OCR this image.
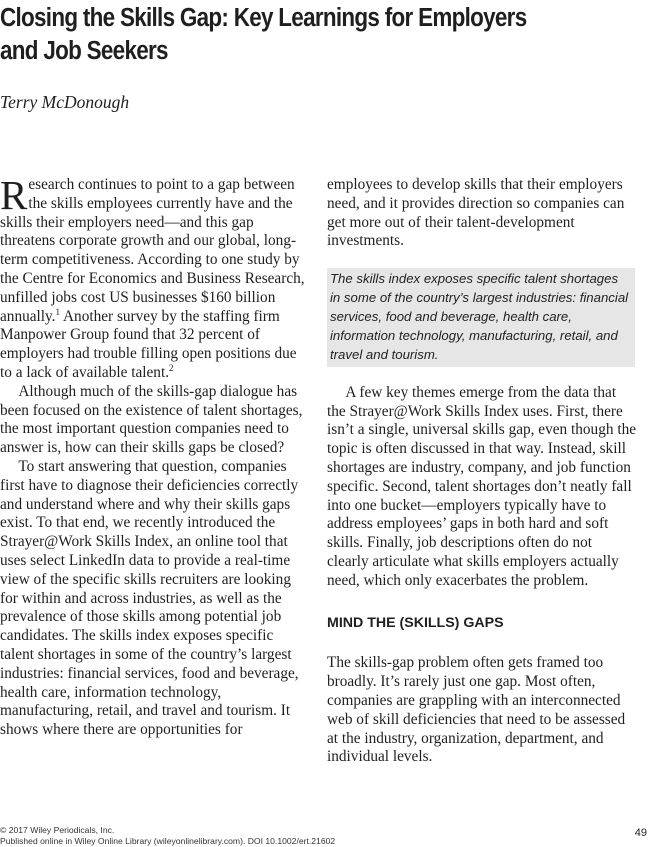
Closing the Skills Gap: Key Learnings for Employers
and Job Seekers
Terry McDonough

Research continues to point to a gap between the skills employees currently have and the skills their employers need—and this gap threatens corporate growth and our global, long-term competitiveness. According to one study by the Centre for Economics and Business Research, unfilled jobs cost US businesses $160 billion annually.$^1$ Another survey by the staffing firm Manpower Group found that 32 percent of employers had trouble filling open positions due to a lack of available talent.$^2$

Although much of the skills-gap dialogue has been focused on the existence of talent shortages, the most important question companies need to answer is, how can their skills gaps be closed?

To start answering that question, companies first have to diagnose their deficiencies correctly and understand where and why their skills gaps exist. To that end, we recently introduced the Strayer@Work Skills Index, an online tool that uses select LinkedIn data to provide a real-time view of the specific skills recruiters are looking for within and across industries, as well as the prevalence of those skills among potential job candidates. The skills index exposes specific talent shortages in some of the country’s largest industries: financial services, food and beverage, health care, information technology, manufacturing, retail, and travel and tourism. It shows where there are opportunities for

employees to develop skills that their employers need, and it provides direction so companies can get more out of their talent-development investments.

The skills index exposes specific talent shortages in some of the country’s largest industries: financial services, food and beverage, health care, information technology, manufacturing, retail, and travel and tourism.

A few key themes emerge from the data that the Strayer@Work Skills Index uses. First, there isn’t a single, universal skills gap, even though the topic is often discussed in that way. Instead, skill shortages are industry, company, and job function specific. Second, talent shortages don’t neatly fall into one bucket—employers typically have to address employees’ gaps in both hard and soft skills. Finally, job descriptions often do not clearly articulate what skills employers actually need, which only exacerbates the problem.

MIND THE (SKILLS) GAPS

The skills-gap problem often gets framed too broadly. It’s rarely just one gap. Most often, companies are grappling with an interconnected web of skill deficiencies that need to be assessed at the industry, organization, department, and individual levels.

© 2017 Wiley Periodicals, Inc.
Published online in Wiley Online Library (wileyonlinelibrary.com). DOI 10.1002/ert.21602
49
